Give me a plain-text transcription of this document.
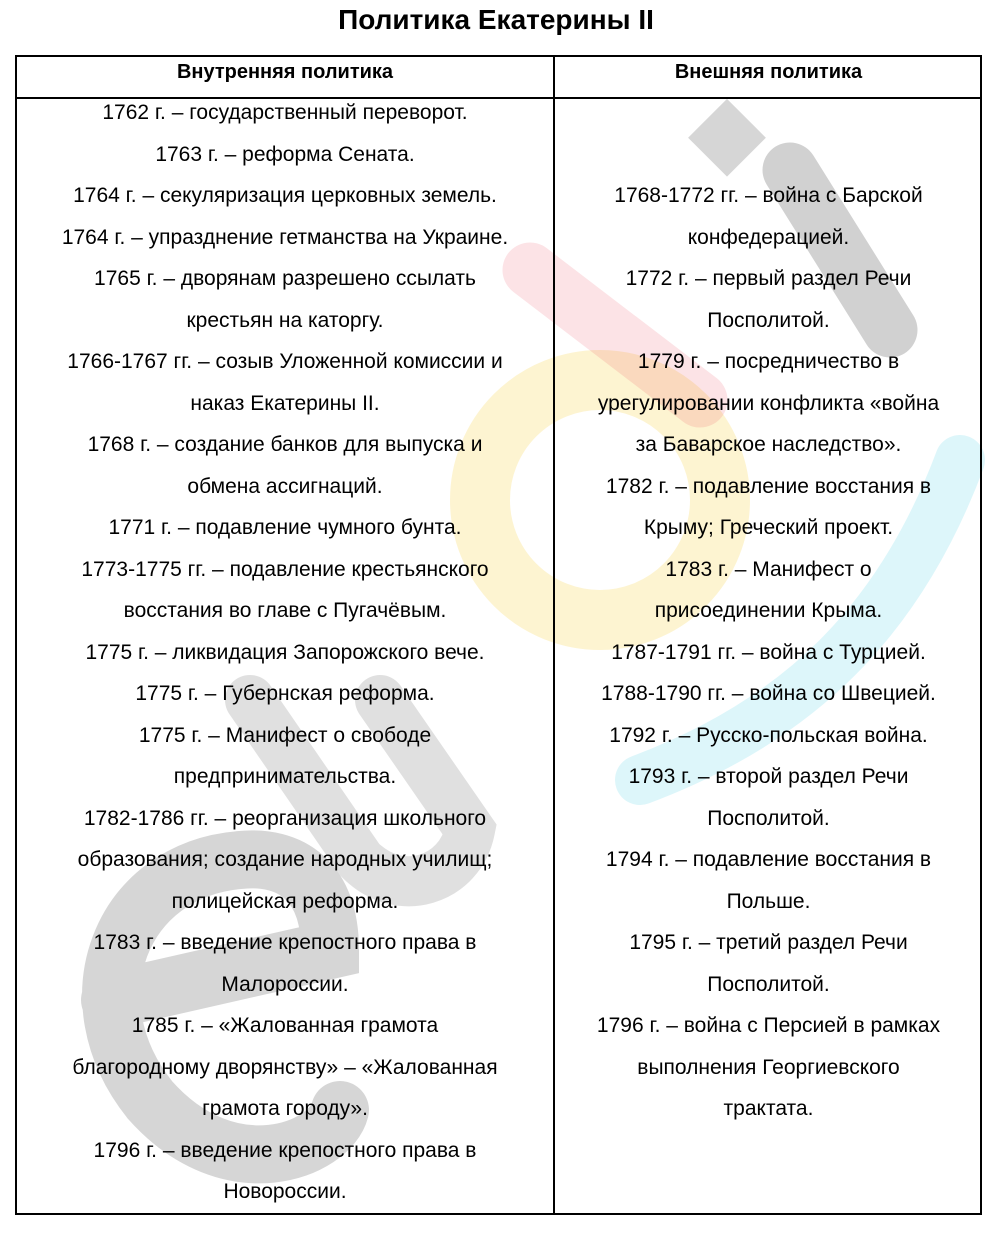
Политика Екатерины II
Внутренняя политика	Внешняя политика
1762 г. – государственный переворот.
1763 г. – реформа Сената.
1764 г. – секуляризация церковных земель.
1764 г. – упразднение гетманства на Украине.
1765 г. – дворянам разрешено ссылать
крестьян на каторгу.
1766-1767 гг. – созыв Уложенной комиссии и
наказ Екатерины II.
1768 г. – создание банков для выпуска и
обмена ассигнаций.
1771 г. – подавление чумного бунта.
1773-1775 гг. – подавление крестьянского
восстания во главе с Пугачёвым.
1775 г. – ликвидация Запорожского вече.
1775 г. – Губернская реформа.
1775 г. – Манифест о свободе
предпринимательства.
1782-1786 гг. – реорганизация школьного
образования; создание народных училищ;
полицейская реформа.
1783 г. – введение крепостного права в
Малороссии.
1785 г. – «Жалованная грамота
благородному дворянству» – «Жалованная
грамота городу».
1796 г. – введение крепостного права в
Новороссии.
1768-1772 гг. – война с Барской
конфедерацией.
1772 г. – первый раздел Речи
Посполитой.
1779 г. – посредничество в
урегулировании конфликта «война
за Баварское наследство».
1782 г. – подавление восстания в
Крыму; Греческий проект.
1783 г. – Манифест о
присоединении Крыма.
1787-1791 гг. – война с Турцией.
1788-1790 гг. – война со Швецией.
1792 г. – Русско-польская война.
1793 г. – второй раздел Речи
Посполитой.
1794 г. – подавление восстания в
Польше.
1795 г. – третий раздел Речи
Посполитой.
1796 г. – война с Персией в рамках
выполнения Георгиевского
трактата.
